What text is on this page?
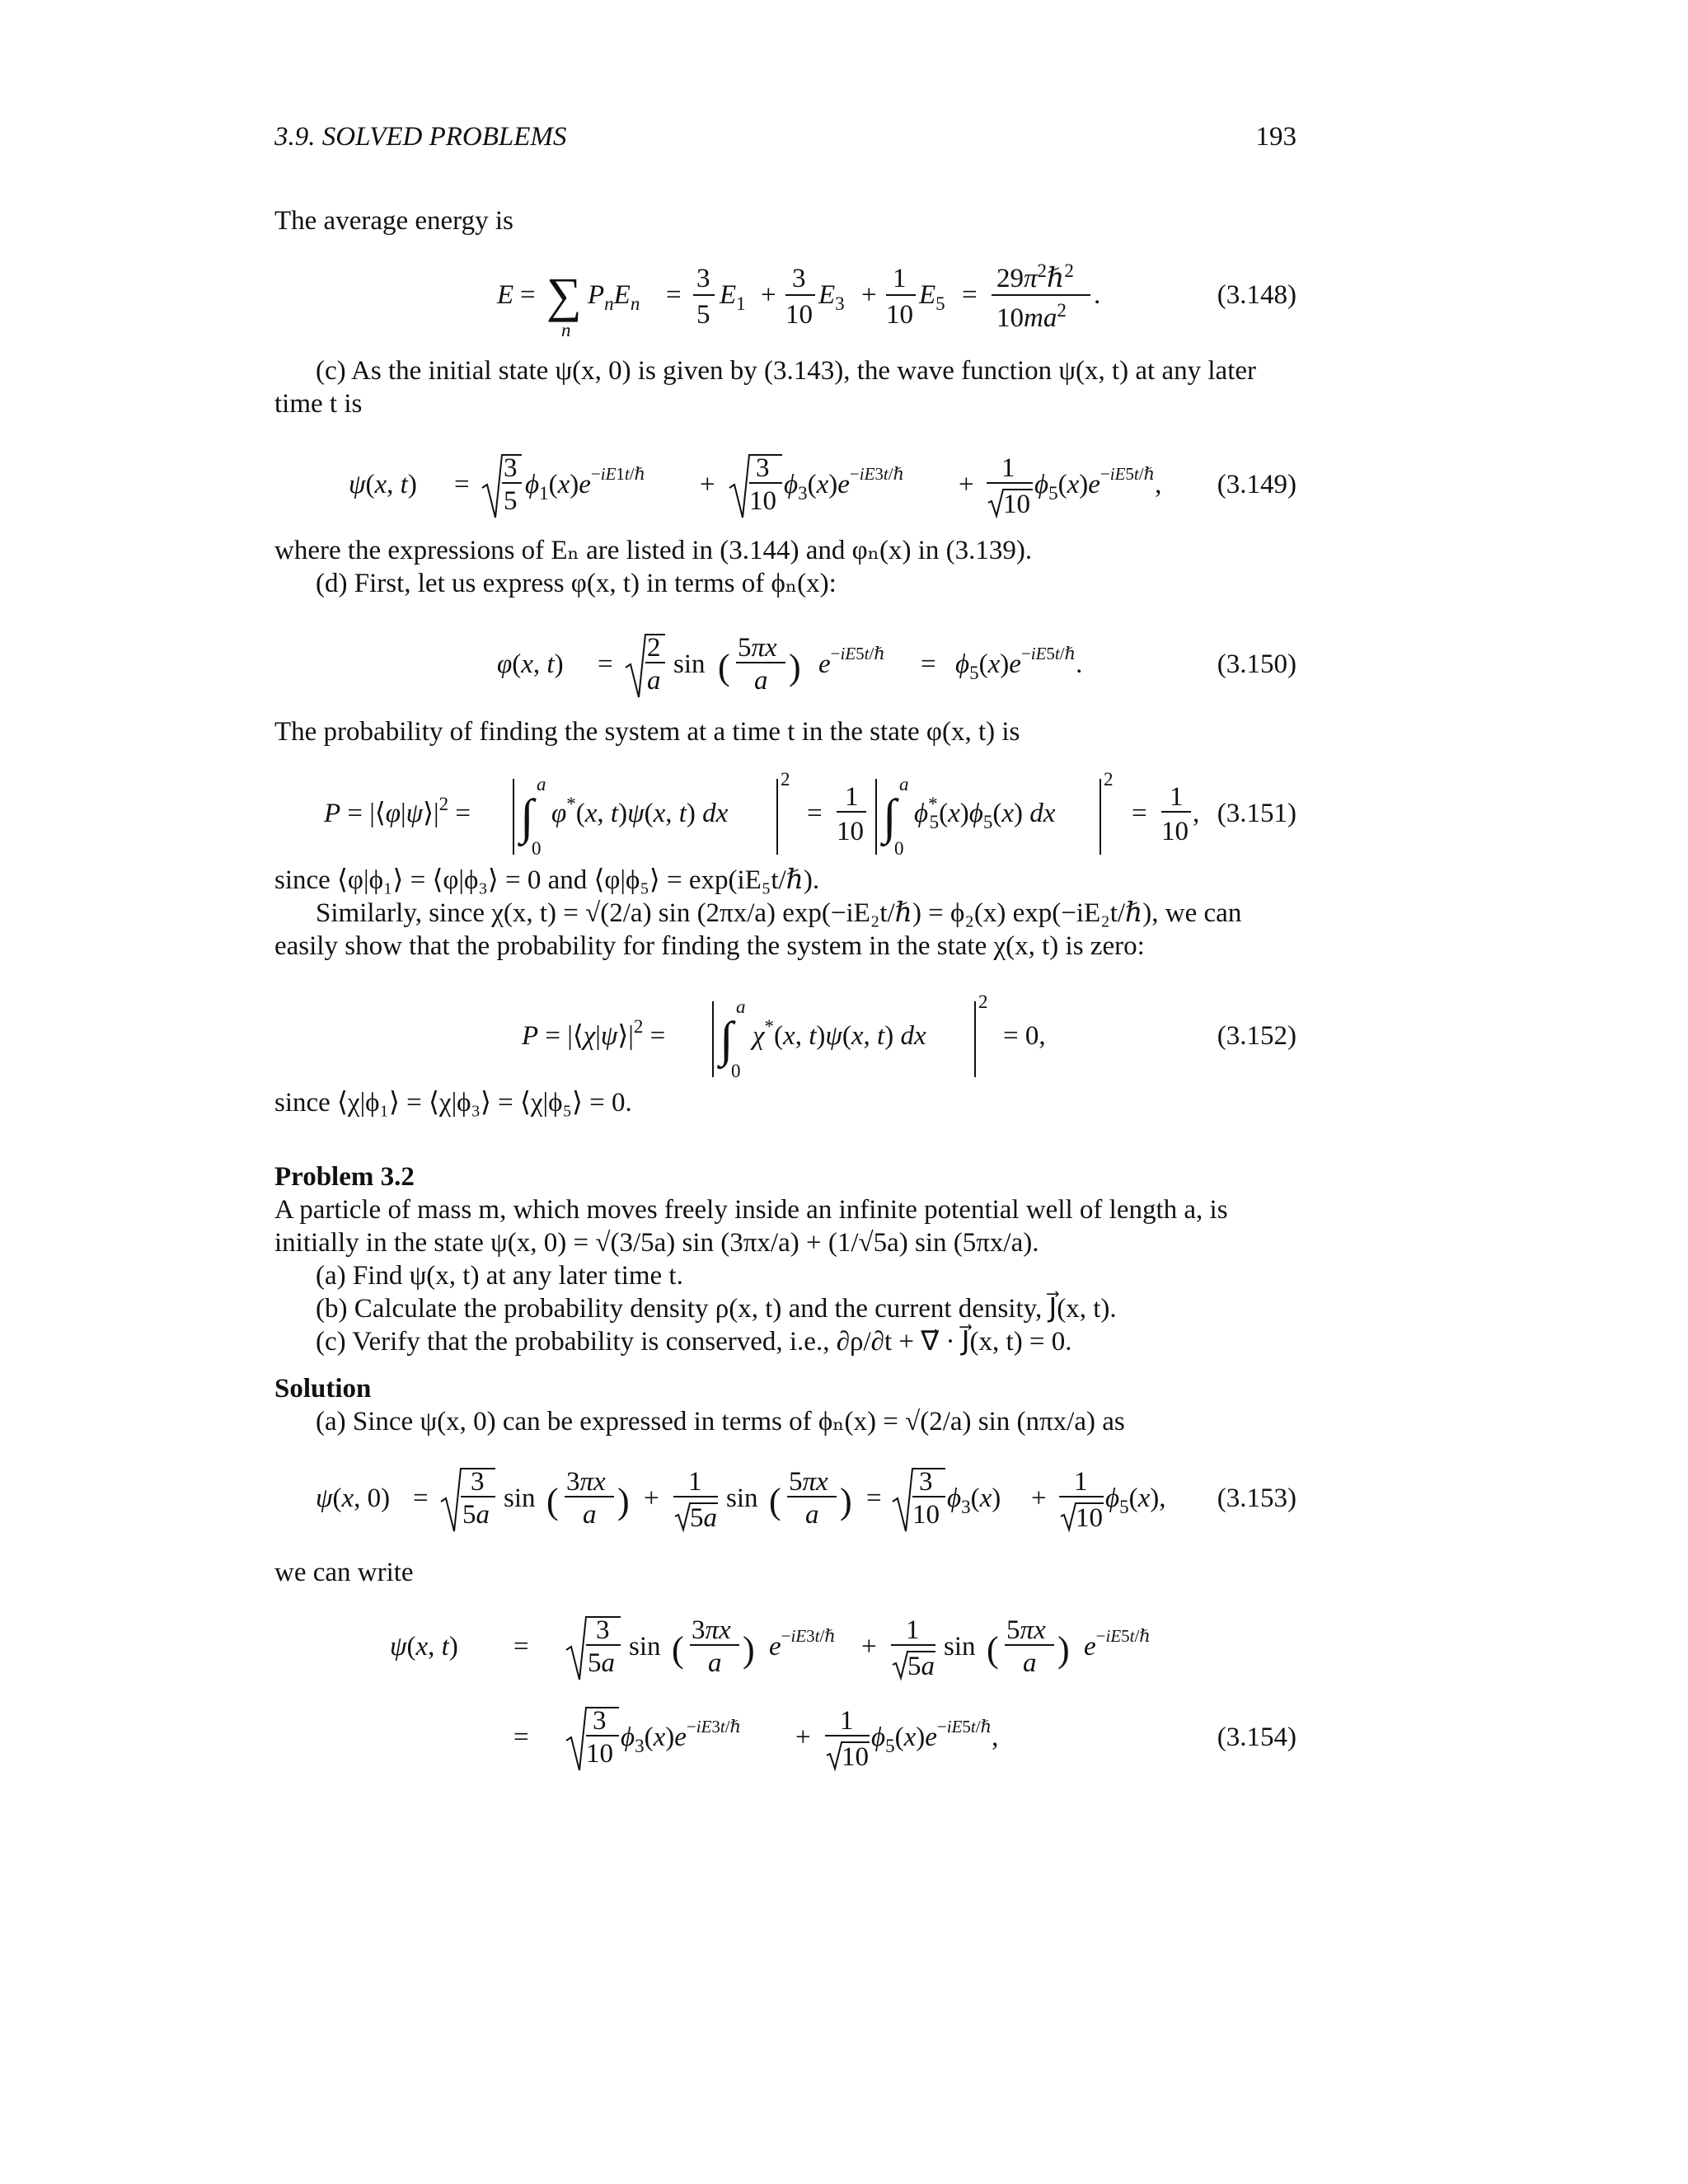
3.9. SOLVED PROBLEMS	193
The average energy is
E = ∑
n
$P_nE_n$ =
3
5
$E_1$ +
3
10
$E_3$ +
1
10
$E_5$ =
$29\pi^2\hbar^2$
$10ma^2$
.	(3.148)
(c) As the initial state ψ(x, 0) is given by (3.143), the wave function ψ(x, t) at any later time t is
ψ(x, t) =
3
5
$\phi_1(x)e^-iE1t/\hbar$ +
3
10
$\phi_3(x)e^-iE3t/\hbar$ +
1
10
$\phi_5(x)e^-iE5t/\hbar$, (3.149)
where the expressions of Eₙ are listed in (3.144) and φₙ(x) in (3.139).
(d) First, let us express φ(x, t) in terms of ϕₙ(x):
φ(x, t) =
2
a
sin ( 5πx
a ) e−iE5t/ℏ = $\phi_5(x)e^-iE5t/\hbar$.	(3.150)
The probability of finding the system at a time t in the state φ(x, t) is
$P = |⟨\varphi|\psi⟩|^2$ = ∫
a
0
φ*(x, t)ψ(x, t) dx
2
=
1
10 ∫
a
0
ϕ* $5(x)\phi_5(x)$ dx
2
=
1
10
, (3.151)
since ⟨φ|ϕ₁⟩ = ⟨φ|ϕ₃⟩ = 0 and ⟨φ|ϕ₅⟩ = exp(iE₅t/ℏ).
Similarly, since χ(x, t) = √(2/a) sin (2πx/a) exp(−iE₂t/ℏ) = ϕ₂(x) exp(−iE₂t/ℏ), we can easily show that the probability for finding the system in the state χ(x, t) is zero:
$P = |⟨\chi|\psi⟩|^2$ = ∫
a
0
χ*(x, t)ψ(x, t) dx
2
= 0,	(3.152)
since ⟨χ|ϕ₁⟩ = ⟨χ|ϕ₃⟩ = ⟨χ|ϕ₅⟩ = 0.
Problem 3.2
A particle of mass m, which moves freely inside an infinite potential well of length a, is initially in the state ψ(x, 0) = √(3/5a) sin (3πx/a) + (1/√5a) sin (5πx/a).
(a) Find ψ(x, t) at any later time t.
(b) Calculate the probability density ρ(x, t) and the current density, J⃗(x, t).
(c) Verify that the probability is conserved, i.e., ∂ρ/∂t + ∇⃗ · J⃗(x, t) = 0.
Solution
(a) Since ψ(x, 0) can be expressed in terms of ϕₙ(x) = √(2/a) sin (nπx/a) as
ψ(x, 0) =
3
5a
sin ( 3πx
a ) +
1
5a
sin ( 5πx
a ) =
3
10
$\phi_3(x)$ +
1
10
$\phi_5(x)$, (3.153)
we can write
ψ(x, t) =
3
5a
sin ( 3πx
a ) e−iE3t/ℏ +
1
5a
sin ( 5πx
a ) e−iE5t/ℏ
=
3
10
$\phi_3(x)e^-iE3t/\hbar$ +
1
10
$\phi_5(x)e^-iE5t/\hbar$,	(3.154)
